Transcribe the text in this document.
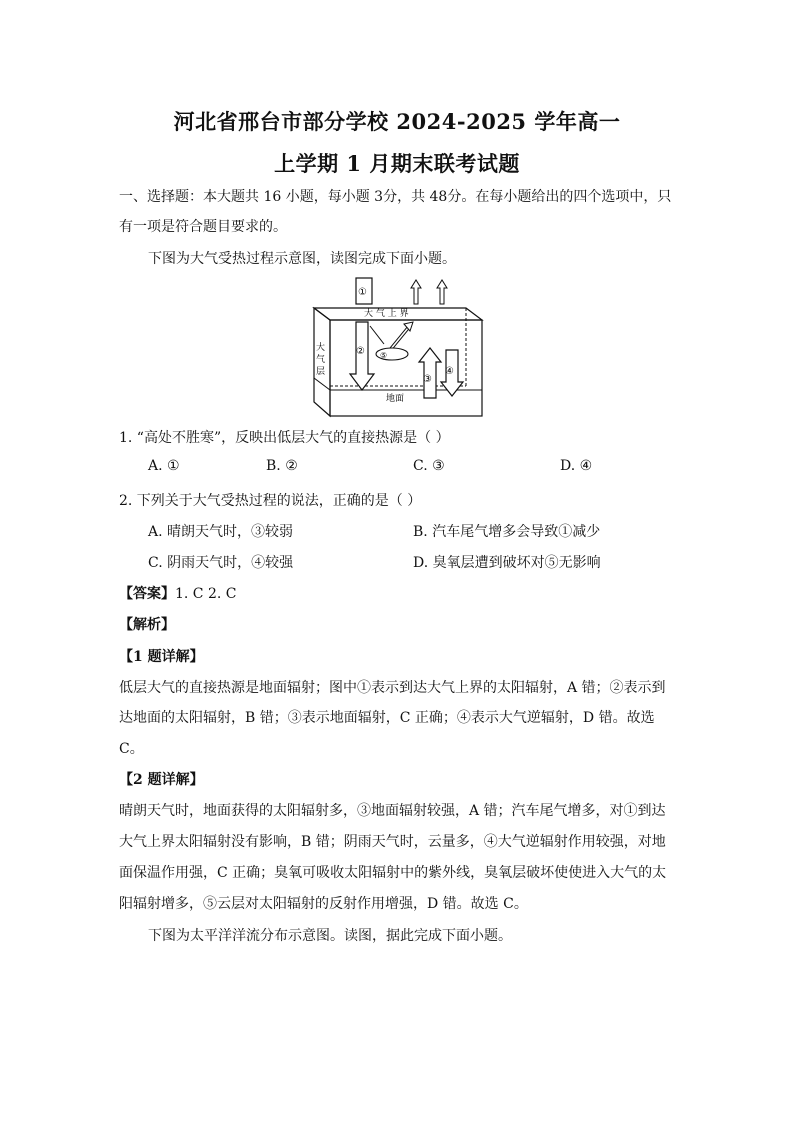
河北省邢台市部分学校 2024-2025 学年高一
上学期 1 月期末联考试题
一、选择题：本大题共 16 小题，每小题 3分，共 48分。在每小题给出的四个选项中，只
有一项是符合题目要求的。
下图为大气受热过程示意图，读图完成下面小题。
大 气 上 界
大
气
层
地面
①
② ⑤
③
④
1. “高处不胜寒”，反映出低层大气的直接热源是（ ）
A. ①	B. ②	C. ③	D. ④
2. 下列关于大气受热过程的说法，正确的是（ ）
A. 晴朗天气时，③较弱	B. 汽车尾气增多会导致①减少
C. 阴雨天气时，④较强	D. 臭氧层遭到破坏对⑤无影响
【答案】1. C 2. C
【解析】
【1 题详解】
低层大气的直接热源是地面辐射；图中①表示到达大气上界的太阳辐射，A 错；②表示到
达地面的太阳辐射，B 错；③表示地面辐射，C 正确；④表示大气逆辐射，D 错。故选
C。
【2 题详解】
晴朗天气时，地面获得的太阳辐射多，③地面辐射较强，A 错；汽车尾气增多，对①到达
大气上界太阳辐射没有影响，B 错；阴雨天气时，云量多，④大气逆辐射作用较强，对地
面保温作用强，C 正确；臭氧可吸收太阳辐射中的紫外线，臭氧层破坏使使进入大气的太
阳辐射增多，⑤云层对太阳辐射的反射作用增强，D 错。故选 C。
下图为太平洋洋流分布示意图。读图，据此完成下面小题。
